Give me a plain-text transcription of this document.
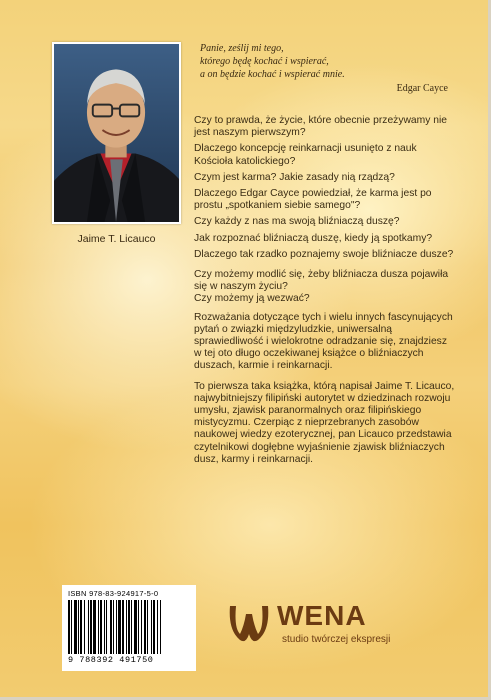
Jaime T. Licauco
Panie, ześlij mi tego,
którego będę kochać i wspierać,
a on będzie kochać i wspierać mnie.
Edgar Cayce

Czy to prawda, że życie, które obecnie przeżywamy nie jest naszym pierwszym?

Dlaczego koncepcję reinkarnacji usunięto z nauk Kościoła katolickiego?

Czym jest karma? Jakie zasady nią rządzą?

Dlaczego Edgar Cayce powiedział, że karma jest po prostu „spotkaniem siebie samego"?

Czy każdy z nas ma swoją bliźniaczą duszę?

Jak rozpoznać bliźniaczą duszę, kiedy ją spotkamy?

Dlaczego tak rzadko poznajemy swoje bliźniacze dusze?

Czy możemy modlić się, żeby bliźniacza dusza pojawiła się w naszym życiu?

Czy możemy ją wezwać?

Rozważania dotyczące tych i wielu innych fascynujących pytań o związki międzyludzkie, uniwersalną sprawiedliwość i wielokrotne odradzanie się, znajdziesz w tej oto długo oczekiwanej książce o bliźniaczych duszach, karmie i reinkarnacji.

To pierwsza taka książka, którą napisał Jaime T. Licauco, najwybitniejszy filipiński autorytet w dziedzinach rozwoju umysłu, zjawisk paranormalnych oraz filipińskiego mistycyzmu. Czerpiąc z nieprzebranych zasobów naukowej wiedzy ezoterycznej, pan Licauco przedstawia czytelnikowi dogłębne wyjaśnienie zjawisk bliźniaczych dusz, karmy i reinkarnacji.

ISBN 978-83-924917-5-0
9 788392 491750
WENA
studio twórczej ekspresji
